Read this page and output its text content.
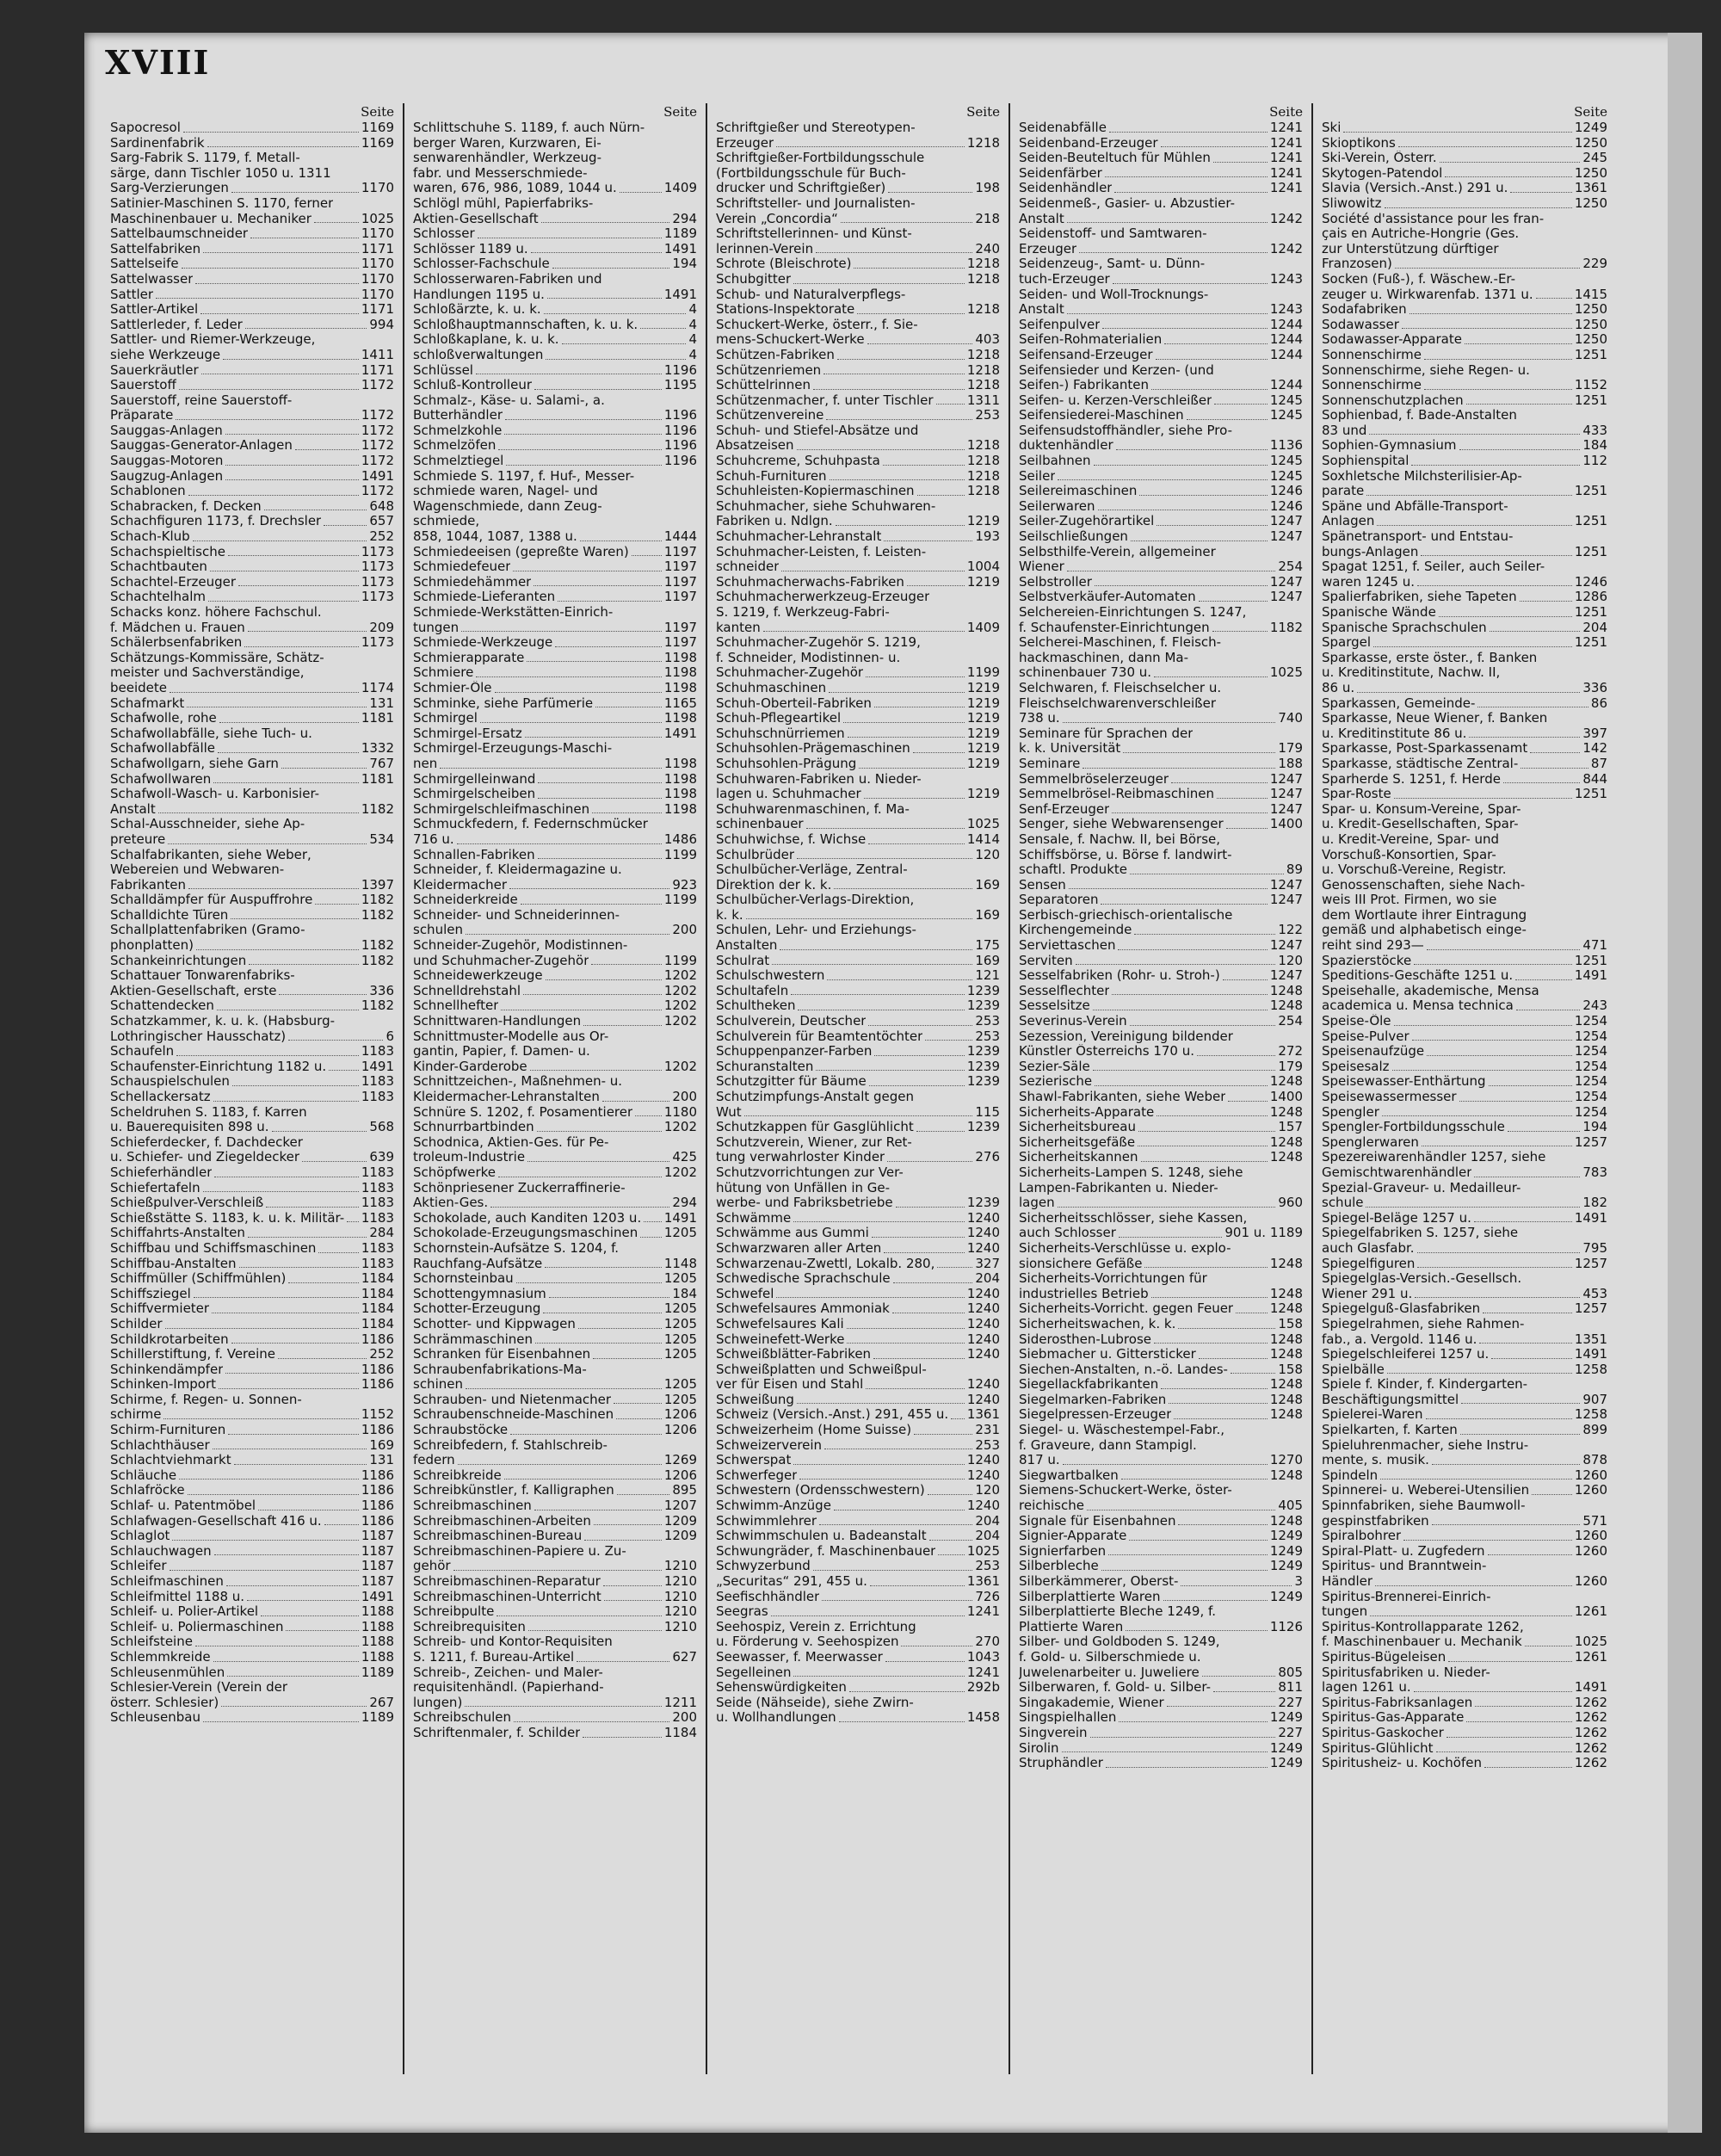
XVIII
Seite
Sapocresol	1169
Sardinenfabrik	1169
Sarg-Fabrik S. 1179, f. Metall-
särge, dann Tischler 1050 u. 1311
Sarg-Verzierungen	1170
Satinier-Maschinen S. 1170, ferner
Maschinenbauer u. Mechaniker	1025
Sattelbaumschneider	1170
Sattelfabriken	1171
Sattelseife	1170
Sattelwasser	1170
Sattler	1170
Sattler-Artikel	1171
Sattlerleder, f. Leder	994
Sattler- und Riemer-Werkzeuge,
siehe Werkzeuge	1411
Sauerkräutler	1171
Sauerstoff	1172
Sauerstoff, reine Sauerstoff-
Präparate	1172
Sauggas-Anlagen	1172
Sauggas-Generator-Anlagen	1172
Sauggas-Motoren	1172
Saugzug-Anlagen	1491
Schablonen	1172
Schabracken, f. Decken	648
Schachfiguren 1173, f. Drechsler	657
Schach-Klub	252
Schachspieltische	1173
Schachtbauten	1173
Schachtel-Erzeuger	1173
Schachtelhalm	1173
Schacks konz. höhere Fachschul.
f. Mädchen u. Frauen	209
Schälerbsenfabriken	1173
Schätzungs-Kommissäre, Schätz-
meister und Sachverständige,
beeidete	1174
Schafmarkt	131
Schafwolle, rohe	1181
Schafwollabfälle, siehe Tuch- u.
Schafwollabfälle	1332
Schafwollgarn, siehe Garn	767
Schafwollwaren	1181
Schafwoll-Wasch- u. Karbonisier-
Anstalt	1182
Schal-Ausschneider, siehe Ap-
preteure	534
Schalfabrikanten, siehe Weber,
Webereien und Webwaren-
Fabrikanten	1397
Schalldämpfer für Auspuffrohre	1182
Schalldichte Türen	1182
Schallplattenfabriken (Gramo-
phonplatten)	1182
Schankeinrichtungen	1182
Schattauer Tonwarenfabriks-
Aktien-Gesellschaft, erste	336
Schattendecken	1182
Schatzkammer, k. u. k. (Habsburg-
Lothringischer Hausschatz)	6
Schaufeln	1183
Schaufenster-Einrichtung 1182 u.	1491
Schauspielschulen	1183
Schellackersatz	1183
Scheldruhen S. 1183, f. Karren
u. Bauerequisiten 898 u.	568
Schieferdecker, f. Dachdecker
u. Schiefer- und Ziegeldecker	639
Schieferhändler	1183
Schiefertafeln	1183
Schießpulver-Verschleiß	1183
Schießstätte S. 1183, k. u. k. Militär- 1183
Schiffahrts-Anstalten	284
Schiffbau und Schiffsmaschinen	1183
Schiffbau-Anstalten	1183
Schiffmüller (Schiffmühlen)	1184
Schiffsziegel	1184
Schiffvermieter	1184
Schilder	1184
Schildkrotarbeiten	1186
Schillerstiftung, f. Vereine	252
Schinkendämpfer	1186
Schinken-Import	1186
Schirme, f. Regen- u. Sonnen-
schirme	1152
Schirm-Furnituren	1186
Schlachthäuser	169
Schlachtviehmarkt	131
Schläuche	1186
Schlafröcke	1186
Schlaf- u. Patentmöbel	1186
Schlafwagen-Gesellschaft 416 u.	1186
Schlaglot	1187
Schlauchwagen	1187
Schleifer	1187
Schleifmaschinen	1187
Schleifmittel 1188 u.	1491
Schleif- u. Polier-Artikel	1188
Schleif- u. Poliermaschinen	1188
Schleifsteine	1188
Schlemmkreide	1188
Schleusenmühlen	1189
Schlesier-Verein (Verein der
österr. Schlesier)	267
Schleusenbau	1189
Seite
Schlittschuhe S. 1189, f. auch Nürn-
berger Waren, Kurzwaren, Ei-
senwarenhändler, Werkzeug-
fabr. und Messerschmiede-
waren, 676, 986, 1089, 1044 u.	1409
Schlögl mühl, Papierfabriks-
Aktien-Gesellschaft	294
Schlosser	1189
Schlösser 1189 u.	1491
Schlosser-Fachschule	194
Schlosserwaren-Fabriken und
Handlungen 1195 u.	1491
Schloßärzte, k. u. k.	4
Schloßhauptmannschaften, k. u. k.	4
Schloßkaplane, k. u. k.	4
schloßverwaltungen	4
Schlüssel	1196
Schluß-Kontrolleur	1195
Schmalz-, Käse- u. Salami-, a.
Butterhändler	1196
Schmelzkohle	1196
Schmelzöfen	1196
Schmelztiegel	1196
Schmiede S. 1197, f. Huf-, Messer-
schmiede waren, Nagel- und
Wagenschmiede, dann Zeug-
schmiede,
858, 1044, 1087, 1388 u.	1444
Schmiedeeisen (gepreßte Waren)	1197
Schmiedefeuer	1197
Schmiedehämmer	1197
Schmiede-Lieferanten	1197
Schmiede-Werkstätten-Einrich-
tungen	1197
Schmiede-Werkzeuge	1197
Schmierapparate	1198
Schmiere	1198
Schmier-Öle	1198
Schminke, siehe Parfümerie	1165
Schmirgel	1198
Schmirgel-Ersatz	1491
Schmirgel-Erzeugungs-Maschi-
nen	1198
Schmirgelleinwand	1198
Schmirgelscheiben	1198
Schmirgelschleifmaschinen	1198
Schmuckfedern, f. Federnschmücker
716 u.	1486
Schnallen-Fabriken	1199
Schneider, f. Kleidermagazine u.
Kleidermacher	923
Schneiderkreide	1199
Schneider- und Schneiderinnen-
schulen	200
Schneider-Zugehör, Modistinnen-
und Schuhmacher-Zugehör	1199
Schneidewerkzeuge	1202
Schnelldrehstahl	1202
Schnellhefter	1202
Schnittwaren-Handlungen	1202
Schnittmuster-Modelle aus Or-
gantin, Papier, f. Damen- u.
Kinder-Garderobe	1202
Schnittzeichen-, Maßnehmen- u.
Kleidermacher-Lehranstalten	200
Schnüre S. 1202, f. Posamentierer 1180
Schnurrbartbinden	1202
Schodnica, Aktien-Ges. für Pe-
troleum-Industrie	425
Schöpfwerke	1202
Schönpriesener Zuckerraffinerie-
Aktien-Ges.	294
Schokolade, auch Kanditen 1203 u. 1491
Schokolade-Erzeugungsmaschinen 1205
Schornstein-Aufsätze S. 1204, f.
Rauchfang-Aufsätze	1148
Schornsteinbau	1205
Schottengymnasium	184
Schotter-Erzeugung	1205
Schotter- und Kippwagen	1205
Schrämmaschinen	1205
Schranken für Eisenbahnen	1205
Schraubenfabrikations-Ma-
schinen	1205
Schrauben- und Nietenmacher	1205
Schraubenschneide-Maschinen	1206
Schraubstöcke	1206
Schreibfedern, f. Stahlschreib-
federn	1269
Schreibkreide	1206
Schreibkünstler, f. Kalligraphen	895
Schreibmaschinen	1207
Schreibmaschinen-Arbeiten	1209
Schreibmaschinen-Bureau	1209
Schreibmaschinen-Papiere u. Zu-
gehör	1210
Schreibmaschinen-Reparatur	1210
Schreibmaschinen-Unterricht	1210
Schreibpulte	1210
Schreibrequisiten	1210
Schreib- und Kontor-Requisiten
S. 1211, f. Bureau-Artikel	627
Schreib-, Zeichen- und Maler-
requisitenhändl. (Papierhand-
lungen)	1211
Schreibschulen	200
Schriftenmaler, f. Schilder	1184
Seite
Schriftgießer und Stereotypen-
Erzeuger	1218
Schriftgießer-Fortbildungsschule
(Fortbildungsschule für Buch-
drucker und Schriftgießer)	198
Schriftsteller- und Journalisten-
Verein „Concordia“	218
Schriftstellerinnen- und Künst-
lerinnen-Verein	240
Schrote (Bleischrote)	1218
Schubgitter	1218
Schub- und Naturalverpflegs-
Stations-Inspektorate	1218
Schuckert-Werke, österr., f. Sie-
mens-Schuckert-Werke	403
Schützen-Fabriken	1218
Schützenriemen	1218
Schüttelrinnen	1218
Schützenmacher, f. unter Tischler	1311
Schützenvereine	253
Schuh- und Stiefel-Absätze und
Absatzeisen	1218
Schuhcreme, Schuhpasta	1218
Schuh-Furnituren	1218
Schuhleisten-Kopiermaschinen	1218
Schuhmacher, siehe Schuhwaren-
Fabriken u. Ndlgn.	1219
Schuhmacher-Lehranstalt	193
Schuhmacher-Leisten, f. Leisten-
schneider	1004
Schuhmacherwachs-Fabriken	1219
Schuhmacherwerkzeug-Erzeuger
S. 1219, f. Werkzeug-Fabri-
kanten	1409
Schuhmacher-Zugehör S. 1219,
f. Schneider, Modistinnen- u.
Schuhmacher-Zugehör	1199
Schuhmaschinen	1219
Schuh-Oberteil-Fabriken	1219
Schuh-Pflegeartikel	1219
Schuhschnürriemen	1219
Schuhsohlen-Prägemaschinen	1219
Schuhsohlen-Prägung	1219
Schuhwaren-Fabriken u. Nieder-
lagen u. Schuhmacher	1219
Schuhwarenmaschinen, f. Ma-
schinenbauer	1025
Schuhwichse, f. Wichse	1414
Schulbrüder	120
Schulbücher-Verläge, Zentral-
Direktion der k. k.	169
Schulbücher-Verlags-Direktion,
k. k.	169
Schulen, Lehr- und Erziehungs-
Anstalten	175
Schulrat	169
Schulschwestern	121
Schultafeln	1239
Schultheken	1239
Schulverein, Deutscher	253
Schulverein für Beamtentöchter	253
Schuppenpanzer-Farben	1239
Schuranstalten	1239
Schutzgitter für Bäume	1239
Schutzimpfungs-Anstalt gegen
Wut	115
Schutzkappen für Gasglühlicht	1239
Schutzverein, Wiener, zur Ret-
tung verwahrloster Kinder	276
Schutzvorrichtungen zur Ver-
hütung von Unfällen in Ge-
werbe- und Fabriksbetriebe	1239
Schwämme	1240
Schwämme aus Gummi	1240
Schwarzwaren aller Arten	1240
Schwarzenau-Zwettl, Lokalb. 280,	327
Schwedische Sprachschule	204
Schwefel	1240
Schwefelsaures Ammoniak	1240
Schwefelsaures Kali	1240
Schweinefett-Werke	1240
Schweißblätter-Fabriken	1240
Schweißplatten und Schweißpul-
ver für Eisen und Stahl	1240
Schweißung	1240
Schweiz (Versich.-Anst.) 291, 455 u. 1361
Schweizerheim (Home Suisse)	231
Schweizerverein	253
Schwerspat	1240
Schwerfeger	1240
Schwestern (Ordensschwestern)	120
Schwimm-Anzüge	1240
Schwimmlehrer	204
Schwimmschulen u. Badeanstalt	204
Schwungräder, f. Maschinenbauer 1025
Schwyzerbund	253
„Securitas“ 291, 455 u.	1361
Seefischhändler	726
Seegras	1241
Seehospiz, Verein z. Errichtung
u. Förderung v. Seehospizen	270
Seewasser, f. Meerwasser	1043
Segelleinen	1241
Sehenswürdigkeiten	292b
Seide (Nähseide), siehe Zwirn-
u. Wollhandlungen	1458
Seite
Seidenabfälle	1241
Seidenband-Erzeuger	1241
Seiden-Beuteltuch für Mühlen	1241
Seidenfärber	1241
Seidenhändler	1241
Seidenmeß-, Gasier- u. Abzustier-
Anstalt	1242
Seidenstoff- und Samtwaren-
Erzeuger	1242
Seidenzeug-, Samt- u. Dünn-
tuch-Erzeuger	1243
Seiden- und Woll-Trocknungs-
Anstalt	1243
Seifenpulver	1244
Seifen-Rohmaterialien	1244
Seifensand-Erzeuger	1244
Seifensieder und Kerzen- (und
Seifen-) Fabrikanten	1244
Seifen- u. Kerzen-Verschleißer	1245
Seifensiederei-Maschinen	1245
Seifensudstoffhändler, siehe Pro-
duktenhändler	1136
Seilbahnen	1245
Seiler	1245
Seilereimaschinen	1246
Seilerwaren	1246
Seiler-Zugehörartikel	1247
Seilschließungen	1247
Selbsthilfe-Verein, allgemeiner
Wiener	254
Selbstroller	1247
Selbstverkäufer-Automaten	1247
Selchereien-Einrichtungen S. 1247,
f. Schaufenster-Einrichtungen	1182
Selcherei-Maschinen, f. Fleisch-
hackmaschinen, dann Ma-
schinenbauer 730 u.	1025
Selchwaren, f. Fleischselcher u.
Fleischselchwarenverschleißer
738 u.	740
Seminare für Sprachen der
k. k. Universität	179
Seminare	188
Semmelbröselerzeuger	1247
Semmelbrösel-Reibmaschinen	1247
Senf-Erzeuger	1247
Senger, siehe Webwarensenger	1400
Sensale, f. Nachw. II, bei Börse,
Schiffsbörse, u. Börse f. landwirt-
schaftl. Produkte	89
Sensen	1247
Separatoren	1247
Serbisch-griechisch-orientalische
Kirchengemeinde	122
Serviettaschen	1247
Serviten	120
Sesselfabriken (Rohr- u. Stroh-)	1247
Sesselflechter	1248
Sesselsitze	1248
Severinus-Verein	254
Sezession, Vereinigung bildender
Künstler Österreichs 170 u.	272
Sezier-Säle	179
Sezierische	1248
Shawl-Fabrikanten, siehe Weber	1400
Sicherheits-Apparate	1248
Sicherheitsbureau	157
Sicherheitsgefäße	1248
Sicherheitskannen	1248
Sicherheits-Lampen S. 1248, siehe
Lampen-Fabrikanten u. Nieder-
lagen	960
Sicherheitsschlösser, siehe Kassen,
auch Schlosser	901 u. 1189
Sicherheits-Verschlüsse u. explo-
sionsichere Gefäße	1248
Sicherheits-Vorrichtungen für
industrielles Betrieb	1248
Sicherheits-Vorricht. gegen Feuer	1248
Sicherheitswachen, k. k.	158
Siderosthen-Lubrose	1248
Siebmacher u. Gittersticker	1248
Siechen-Anstalten, n.-ö. Landes-	158
Siegellackfabrikanten	1248
Siegelmarken-Fabriken	1248
Siegelpressen-Erzeuger	1248
Siegel- u. Wäschestempel-Fabr.,
f. Graveure, dann Stampigl.
817 u.	1270
Siegwartbalken	1248
Siemens-Schuckert-Werke, öster-
reichische	405
Signale für Eisenbahnen	1248
Signier-Apparate	1249
Signierfarben	1249
Silberbleche	1249
Silberkämmerer, Oberst-	3
Silberplattierte Waren	1249
Silberplattierte Bleche 1249, f.
Plattierte Waren	1126
Silber- und Goldboden S. 1249,
f. Gold- u. Silberschmiede u.
Juwelenarbeiter u. Juweliere	805
Silberwaren, f. Gold- u. Silber-	811
Singakademie, Wiener	227
Singspielhallen	1249
Singverein	227
Sirolin	1249
Struphändler	1249
Seite
Ski	1249
Skioptikons	1250
Ski-Verein, Österr.	245
Skytogen-Patendol	1250
Slavia (Versich.-Anst.) 291 u.	1361
Sliwowitz	1250
Société d'assistance pour les fran-
çais en Autriche-Hongrie (Ges.
zur Unterstützung dürftiger
Franzosen)	229
Socken (Fuß-), f. Wäschew.-Er-
zeuger u. Wirkwarenfab. 1371 u.	1415
Sodafabriken	1250
Sodawasser	1250
Sodawasser-Apparate	1250
Sonnenschirme	1251
Sonnenschirme, siehe Regen- u.
Sonnenschirme	1152
Sonnenschutzplachen	1251
Sophienbad, f. Bade-Anstalten
83 und	433
Sophien-Gymnasium	184
Sophienspital	112
Soxhletsche Milchsterilisier-Ap-
parate	1251
Späne und Abfälle-Transport-
Anlagen	1251
Spänetransport- und Entstau-
bungs-Anlagen	1251
Spagat 1251, f. Seiler, auch Seiler-
waren 1245 u.	1246
Spalierfabriken, siehe Tapeten	1286
Spanische Wände	1251
Spanische Sprachschulen	204
Spargel	1251
Sparkasse, erste öster., f. Banken
u. Kreditinstitute, Nachw. II,
86 u.	336
Sparkassen, Gemeinde-	86
Sparkasse, Neue Wiener, f. Banken
u. Kreditinstitute 86 u.	397
Sparkasse, Post-Sparkassenamt	142
Sparkasse, städtische Zentral-	87
Sparherde S. 1251, f. Herde	844
Spar-Roste	1251
Spar- u. Konsum-Vereine, Spar-
u. Kredit-Gesellschaften, Spar-
u. Kredit-Vereine, Spar- und
Vorschuß-Konsortien, Spar-
u. Vorschuß-Vereine, Registr.
Genossenschaften, siehe Nach-
weis III Prot. Firmen, wo sie
dem Wortlaute ihrer Eintragung
gemäß und alphabetisch einge-
reiht sind 293—	471
Spazierstöcke	1251
Speditions-Geschäfte 1251 u.	1491
Speisehalle, akademische, Mensa
academica u. Mensa technica	243
Speise-Öle	1254
Speise-Pulver	1254
Speisenaufzüge	1254
Speisesalz	1254
Speisewasser-Enthärtung	1254
Speisewassermesser	1254
Spengler	1254
Spengler-Fortbildungsschule	194
Spenglerwaren	1257
Spezereiwarenhändler 1257, siehe
Gemischtwarenhändler	783
Spezial-Graveur- u. Medailleur-
schule	182
Spiegel-Beläge 1257 u.	1491
Spiegelfabriken S. 1257, siehe
auch Glasfabr.	795
Spiegelfiguren	1257
Spiegelglas-Versich.-Gesellsch.
Wiener 291 u.	453
Spiegelguß-Glasfabriken	1257
Spiegelrahmen, siehe Rahmen-
fab., a. Vergold. 1146 u.	1351
Spiegelschleiferei 1257 u.	1491
Spielbälle	1258
Spiele f. Kinder, f. Kindergarten-
Beschäftigungsmittel	907
Spielerei-Waren	1258
Spielkarten, f. Karten	899
Spieluhrenmacher, siehe Instru-
mente, s. musik.	878
Spindeln	1260
Spinnerei- u. Weberei-Utensilien	1260
Spinnfabriken, siehe Baumwoll-
gespinstfabriken	571
Spiralbohrer	1260
Spiral-Platt- u. Zugfedern	1260
Spiritus- und Branntwein-
Händler	1260
Spiritus-Brennerei-Einrich-
tungen	1261
Spiritus-Kontrollapparate 1262,
f. Maschinenbauer u. Mechanik	1025
Spiritus-Bügeleisen	1261
Spiritusfabriken u. Nieder-
lagen 1261 u.	1491
Spiritus-Fabriksanlagen	1262
Spiritus-Gas-Apparate	1262
Spiritus-Gaskocher	1262
Spiritus-Glühlicht	1262
Spiritusheiz- u. Kochöfen	1262
